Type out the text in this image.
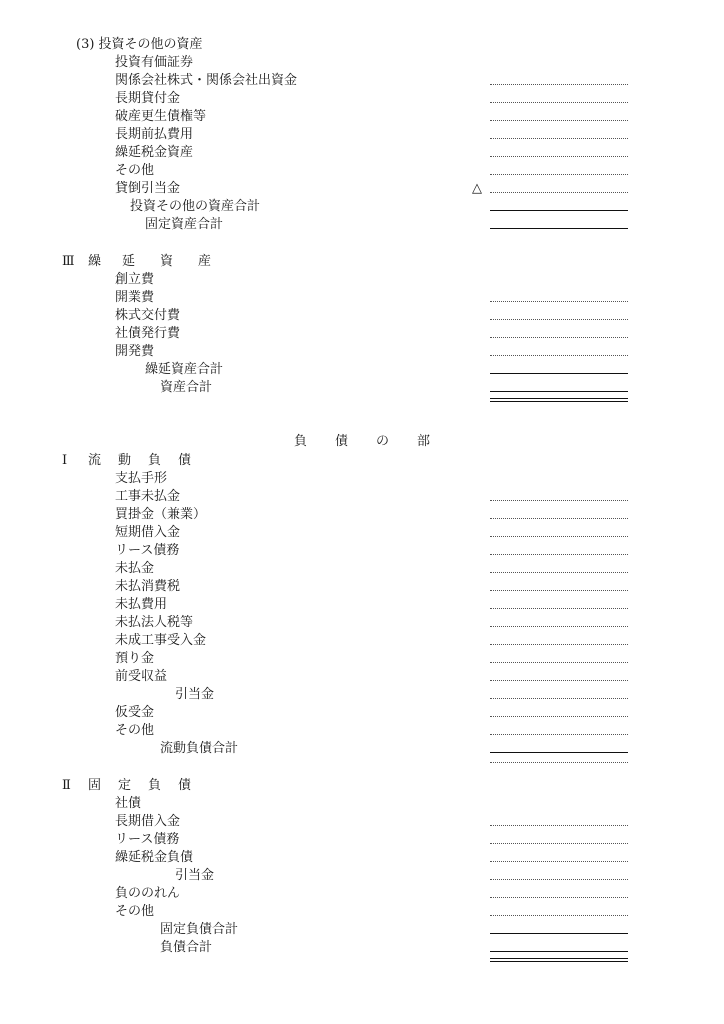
(3) 投資その他の資産
投資有価証券
関係会社株式・関係会社出資金
長期貸付金
破産更生債権等
長期前払費用
繰延税金資産
その他
貸倒引当金	△
投資その他の資産合計
固定資産合計
Ⅲ 繰 延 資 産
創立費
開業費
株式交付費
社債発行費
開発費
繰延資産合計
資産合計
負 債 の 部
Ⅰ 流 動 負 債
支払手形
工事未払金
買掛金（兼業）
短期借入金
リース債務
未払金
未払消費税
未払費用
未払法人税等
未成工事受入金
預り金
前受収益
引当金
仮受金
その他
流動負債合計
Ⅱ 固 定 負 債
社債
長期借入金
リース債務
繰延税金負債
引当金
負ののれん
その他
固定負債合計
負債合計
